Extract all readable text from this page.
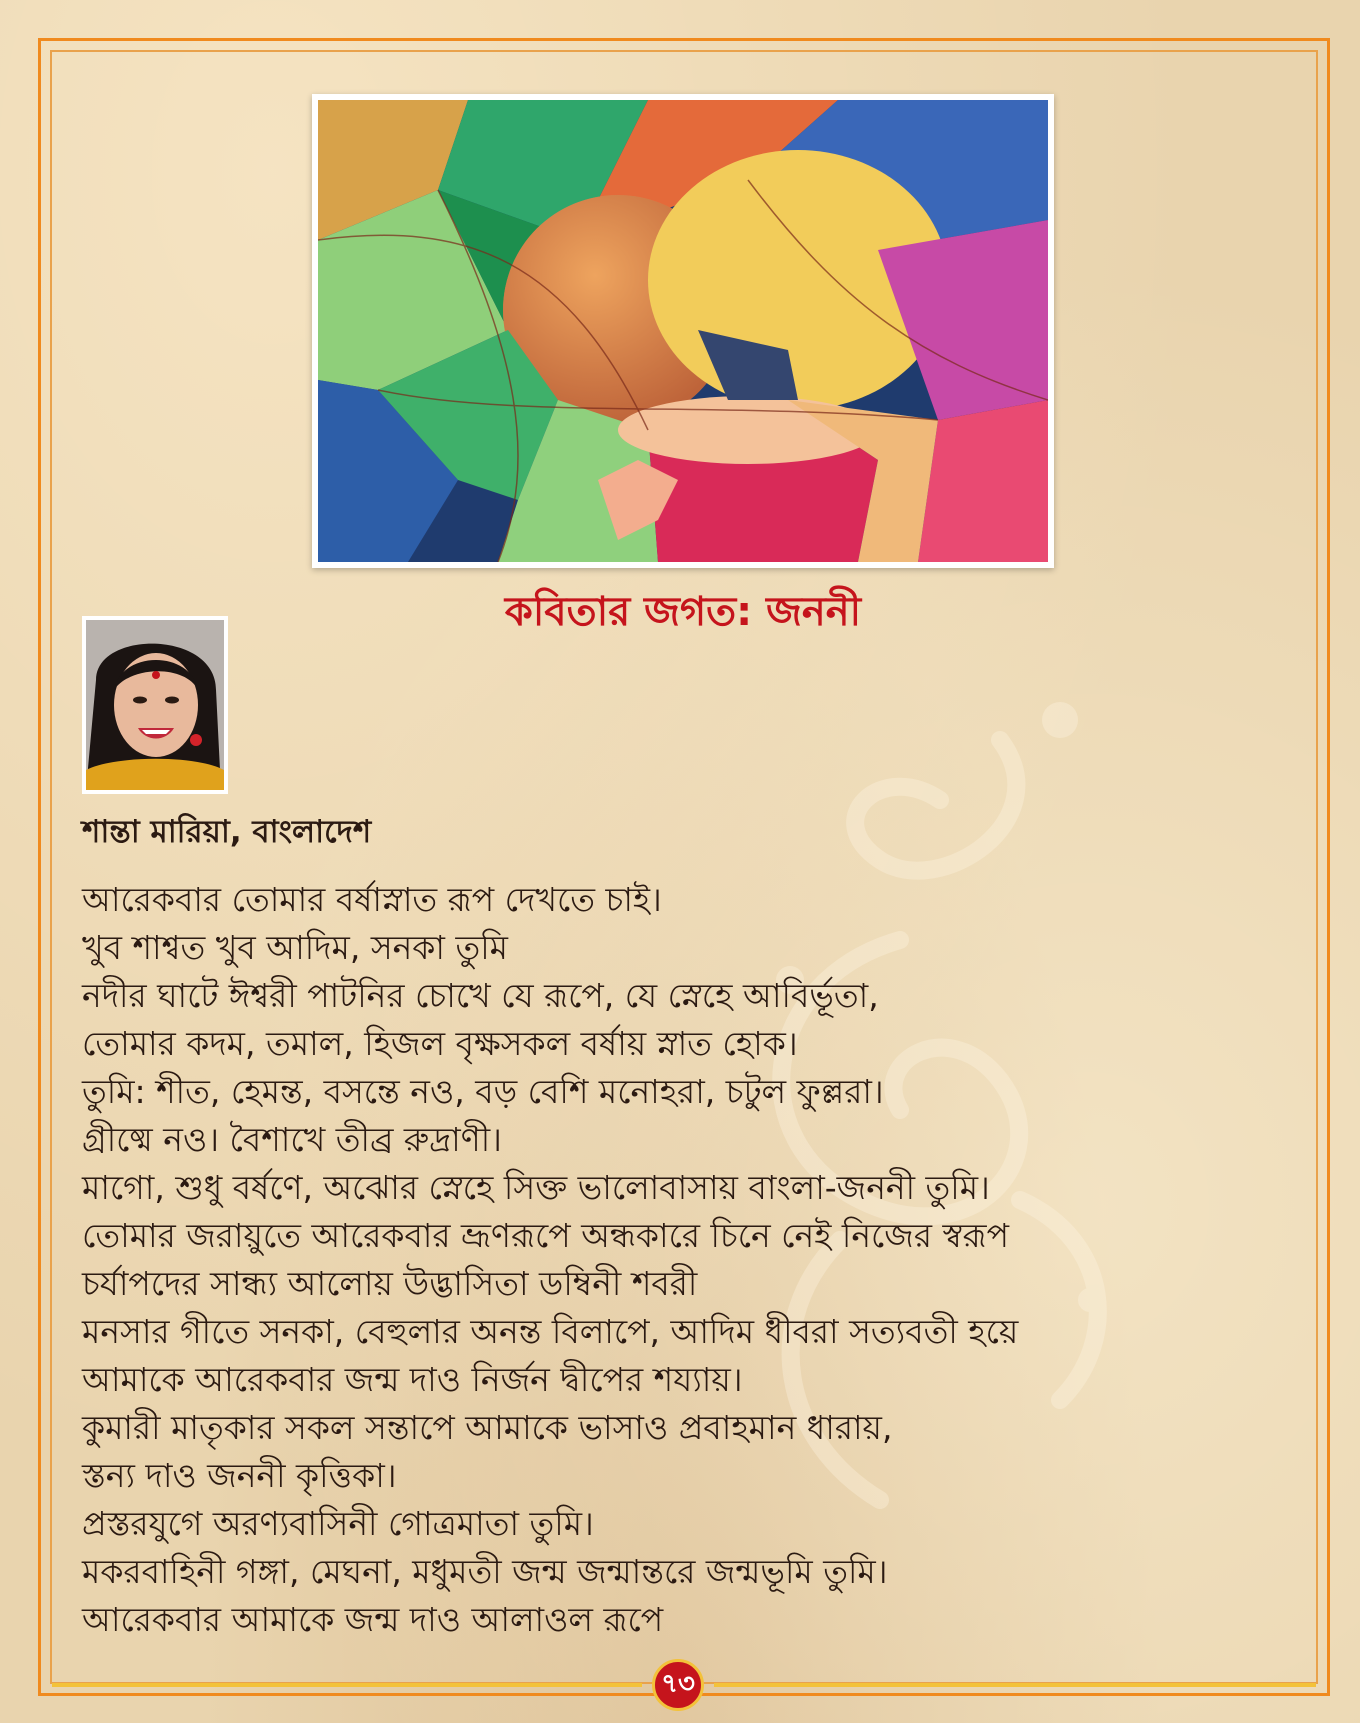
কবিতার জগত: জননী

শান্তা মারিয়া, বাংলাদেশ

আরেকবার তোমার বর্ষাস্নাত রূপ দেখতে চাই।
খুব শাশ্বত খুব আদিম, সনকা তুমি
নদীর ঘাটে ঈশ্বরী পাটনির চোখে যে রূপে, যে স্নেহে আবির্ভূতা,
তোমার কদম, তমাল, হিজল বৃক্ষসকল বর্ষায় স্নাত হোক।
তুমি: শীত, হেমন্ত, বসন্তে নও, বড় বেশি মনোহরা, চটুল ফুল্লরা।
গ্রীষ্মে নও। বৈশাখে তীব্র রুদ্রাণী।
মাগো, শুধু বর্ষণে, অঝোর স্নেহে সিক্ত ভালোবাসায় বাংলা-জননী তুমি।
তোমার জরায়ুতে আরেকবার ভ্রূণরূপে অন্ধকারে চিনে নেই নিজের স্বরূপ
চর্যাপদের সান্ধ্য আলোয় উদ্ভাসিতা ডম্বিনী শবরী
মনসার গীতে সনকা, বেহুলার অনন্ত বিলাপে, আদিম ধীবরা সত্যবতী হয়ে
আমাকে আরেকবার জন্ম দাও নির্জন দ্বীপের শয্যায়।
কুমারী মাতৃকার সকল সন্তাপে আমাকে ভাসাও প্রবাহমান ধারায়,
স্তন্য দাও জননী কৃত্তিকা।
প্রস্তরযুগে অরণ্যবাসিনী গোত্রমাতা তুমি।
মকরবাহিনী গঙ্গা, মেঘনা, মধুমতী জন্ম জন্মান্তরে জন্মভূমি তুমি।
আরেকবার আমাকে জন্ম দাও আলাওল রূপে
৭৩
